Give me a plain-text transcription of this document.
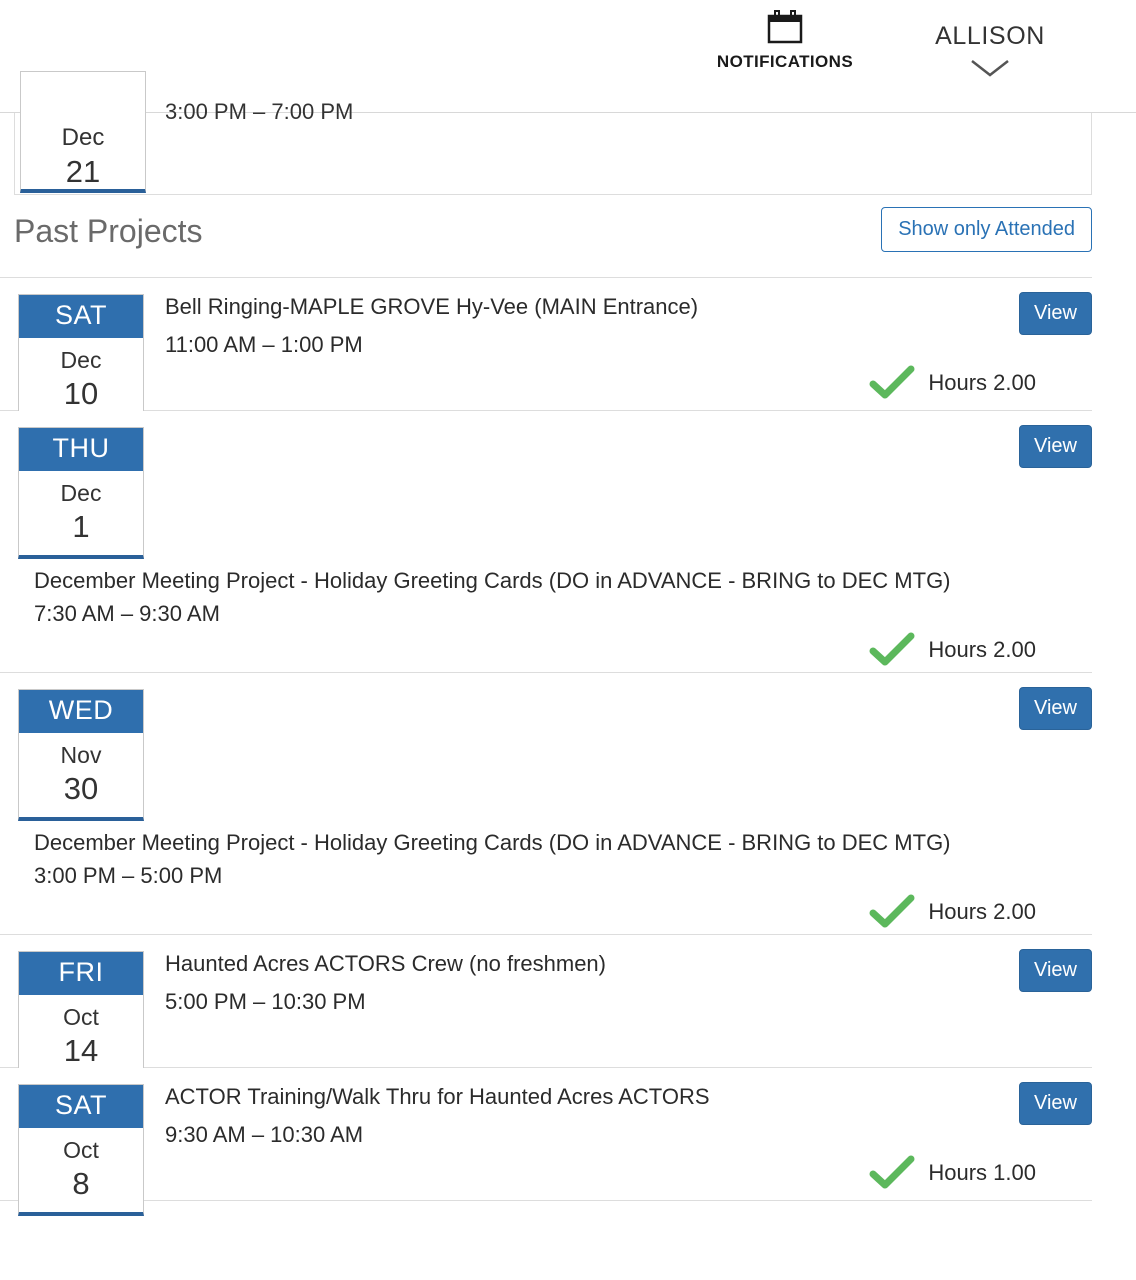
NOTIFICATIONS
ALLISON
Dec
21
3:00 PM – 7:00 PM
Past Projects	Show only Attended
SAT
Dec
10
Bell Ringing-MAPLE GROVE Hy-Vee (MAIN Entrance)
11:00 AM – 1:00 PM
Hours 2.00
View
THU
Dec
1
December Meeting Project - Holiday Greeting Cards (DO in ADVANCE - BRING to DEC MTG)
7:30 AM – 9:30 AM
Hours 2.00
View
WED
Nov
30
December Meeting Project - Holiday Greeting Cards (DO in ADVANCE - BRING to DEC MTG)
3:00 PM – 5:00 PM
Hours 2.00
View
FRI
Oct
14
Haunted Acres ACTORS Crew (no freshmen)
5:00 PM – 10:30 PM
View
SAT
Oct
8
ACTOR Training/Walk Thru for Haunted Acres ACTORS
9:30 AM – 10:30 AM
Hours 1.00
View
